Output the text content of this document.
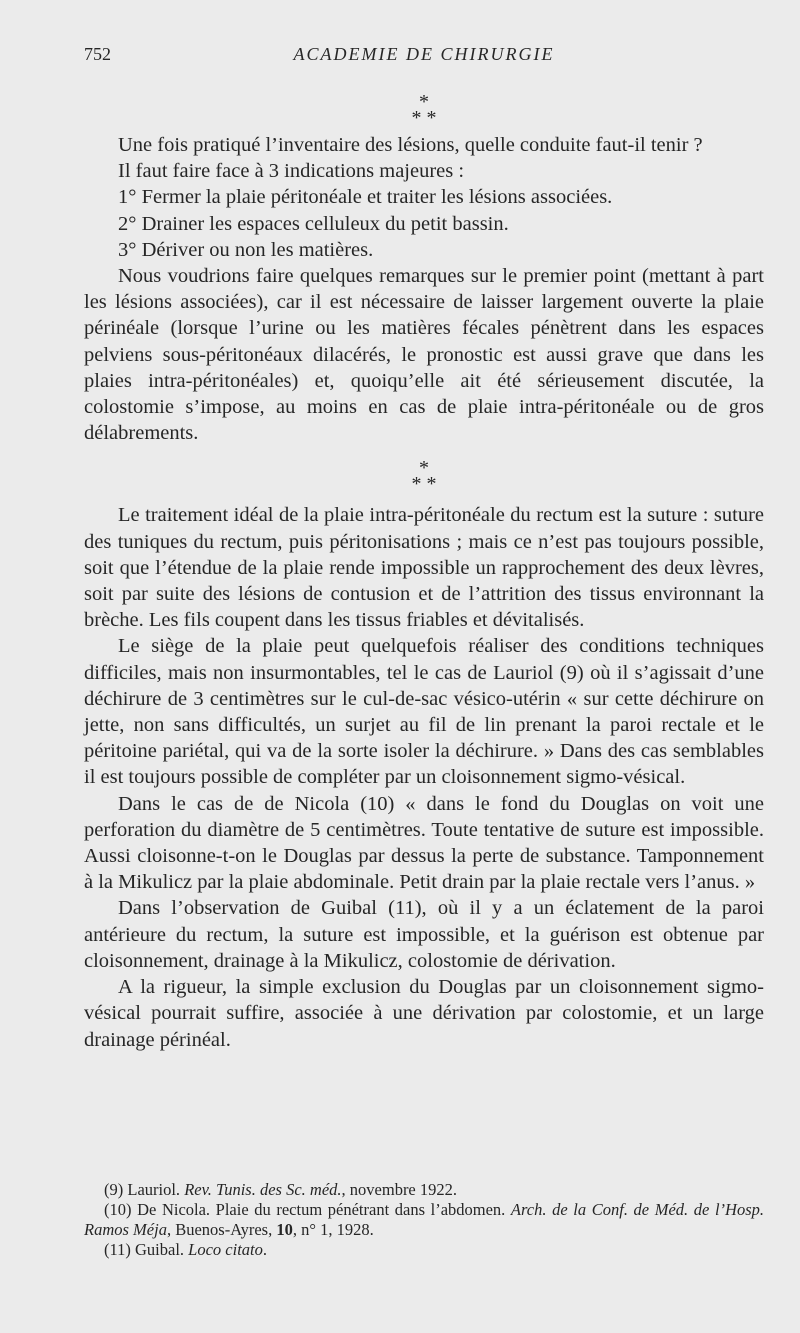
752	ACADEMIE DE CHIRURGIE
*
* *

Une fois pratiqué l’inventaire des lésions, quelle conduite faut-il tenir ?

Il faut faire face à 3 indications majeures :

1° Fermer la plaie péritonéale et traiter les lésions associées.

2° Drainer les espaces celluleux du petit bassin.

3° Dériver ou non les matières.

Nous voudrions faire quelques remarques sur le premier point (mettant à part les lésions associées), car il est nécessaire de laisser largement ouverte la plaie périnéale (lorsque l’urine ou les matières fécales pénètrent dans les espaces pelviens sous-péritonéaux dilacérés, le pronostic est aussi grave que dans les plaies intra-péritonéales) et, quoiqu’elle ait été sérieusement discutée, la colostomie s’impose, au moins en cas de plaie intra-péritonéale ou de gros délabrements.

*
* *

Le traitement idéal de la plaie intra-péritonéale du rectum est la suture : suture des tuniques du rectum, puis péritonisations ; mais ce n’est pas toujours possible, soit que l’étendue de la plaie rende impossible un rapprochement des deux lèvres, soit par suite des lésions de contusion et de l’attrition des tissus environnant la brèche. Les fils coupent dans les tissus friables et dévitalisés.

Le siège de la plaie peut quelquefois réaliser des conditions techniques difficiles, mais non insurmontables, tel le cas de Lauriol (9) où il s’agissait d’une déchirure de 3 centimètres sur le cul-de-sac vésico-utérin « sur cette déchirure on jette, non sans difficultés, un surjet au fil de lin prenant la paroi rectale et le péritoine pariétal, qui va de la sorte isoler la déchirure. » Dans des cas semblables il est toujours possible de compléter par un cloisonnement sigmo-vésical.

Dans le cas de de Nicola (10) « dans le fond du Douglas on voit une perforation du diamètre de 5 centimètres. Toute tentative de suture est impossible. Aussi cloisonne-t-on le Douglas par dessus la perte de substance. Tamponnement à la Mikulicz par la plaie abdominale. Petit drain par la plaie rectale vers l’anus. »

Dans l’observation de Guibal (11), où il y a un éclatement de la paroi antérieure du rectum, la suture est impossible, et la guérison est obtenue par cloisonnement, drainage à la Mikulicz, colostomie de dérivation.

A la rigueur, la simple exclusion du Douglas par un cloisonnement sigmo-vésical pourrait suffire, associée à une dérivation par colostomie, et un large drainage périnéal.

(9) Lauriol. Rev. Tunis. des Sc. méd., novembre 1922.

(10) De Nicola. Plaie du rectum pénétrant dans l’abdomen. Arch. de la Conf. de Méd. de l’Hosp. Ramos Méja, Buenos-Ayres, 10, n° 1, 1928.

(11) Guibal. Loco citato.
